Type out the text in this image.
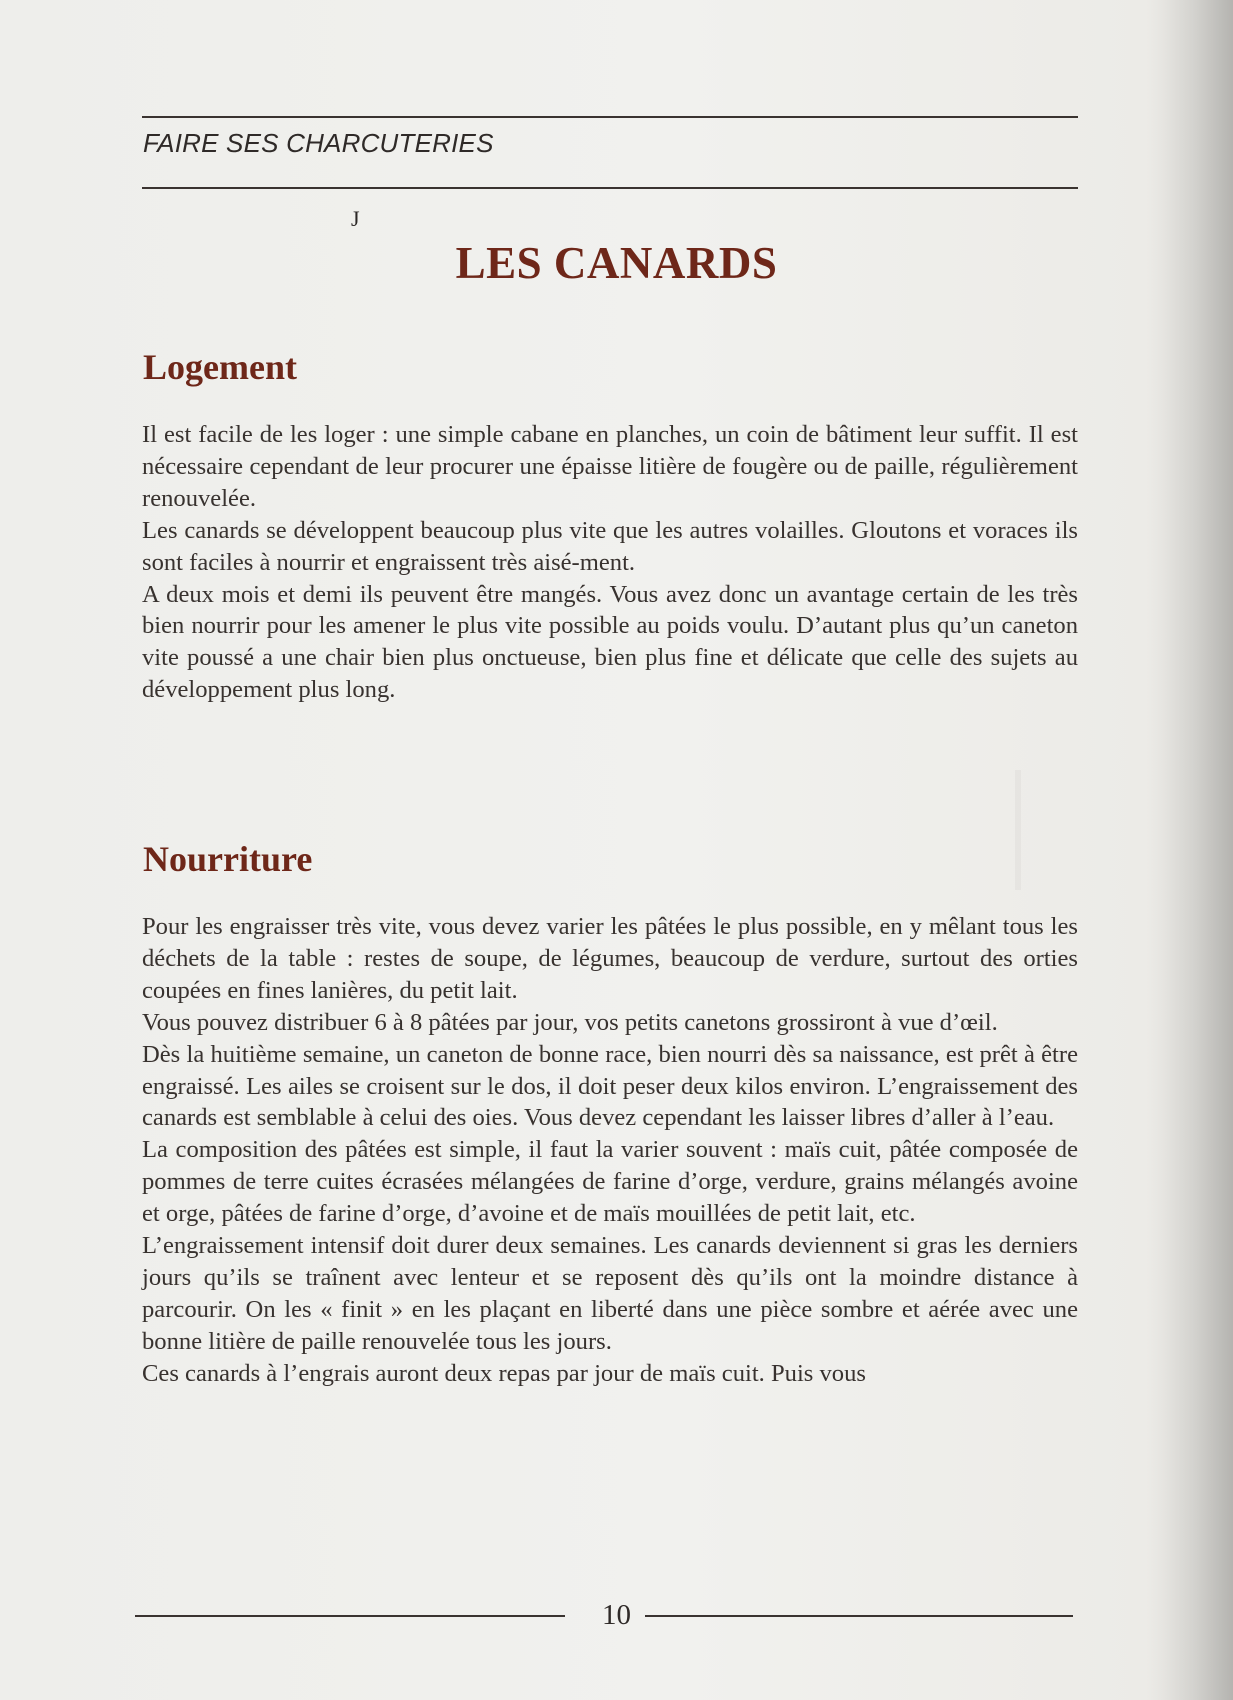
FAIRE SES CHARCUTERIES
J
LES CANARDS
Logement

Il est facile de les loger : une simple cabane en planches, un coin de bâtiment leur suffit. Il est nécessaire cependant de leur procurer une épaisse litière de fougère ou de paille, régulièrement renouvelée.

Les canards se développent beaucoup plus vite que les autres volailles. Gloutons et voraces ils sont faciles à nourrir et engraissent très aisé-ment.

A deux mois et demi ils peuvent être mangés. Vous avez donc un avantage certain de les très bien nourrir pour les amener le plus vite possible au poids voulu. D’autant plus qu’un caneton vite poussé a une chair bien plus onctueuse, bien plus fine et délicate que celle des sujets au développement plus long.

Nourriture

Pour les engraisser très vite, vous devez varier les pâtées le plus possible, en y mêlant tous les déchets de la table : restes de soupe, de légumes, beaucoup de verdure, surtout des orties coupées en fines lanières, du petit lait.

Vous pouvez distribuer 6 à 8 pâtées par jour, vos petits canetons grossiront à vue d’œil.

Dès la huitième semaine, un caneton de bonne race, bien nourri dès sa naissance, est prêt à être engraissé. Les ailes se croisent sur le dos, il doit peser deux kilos environ. L’engraissement des canards est semblable à celui des oies. Vous devez cependant les laisser libres d’aller à l’eau.

La composition des pâtées est simple, il faut la varier souvent : maïs cuit, pâtée composée de pommes de terre cuites écrasées mélangées de farine d’orge, verdure, grains mélangés avoine et orge, pâtées de farine d’orge, d’avoine et de maïs mouillées de petit lait, etc.

L’engraissement intensif doit durer deux semaines. Les canards deviennent si gras les derniers jours qu’ils se traînent avec lenteur et se reposent dès qu’ils ont la moindre distance à parcourir. On les « finit » en les plaçant en liberté dans une pièce sombre et aérée avec une bonne litière de paille renouvelée tous les jours.

Ces canards à l’engrais auront deux repas par jour de maïs cuit. Puis vous

10
